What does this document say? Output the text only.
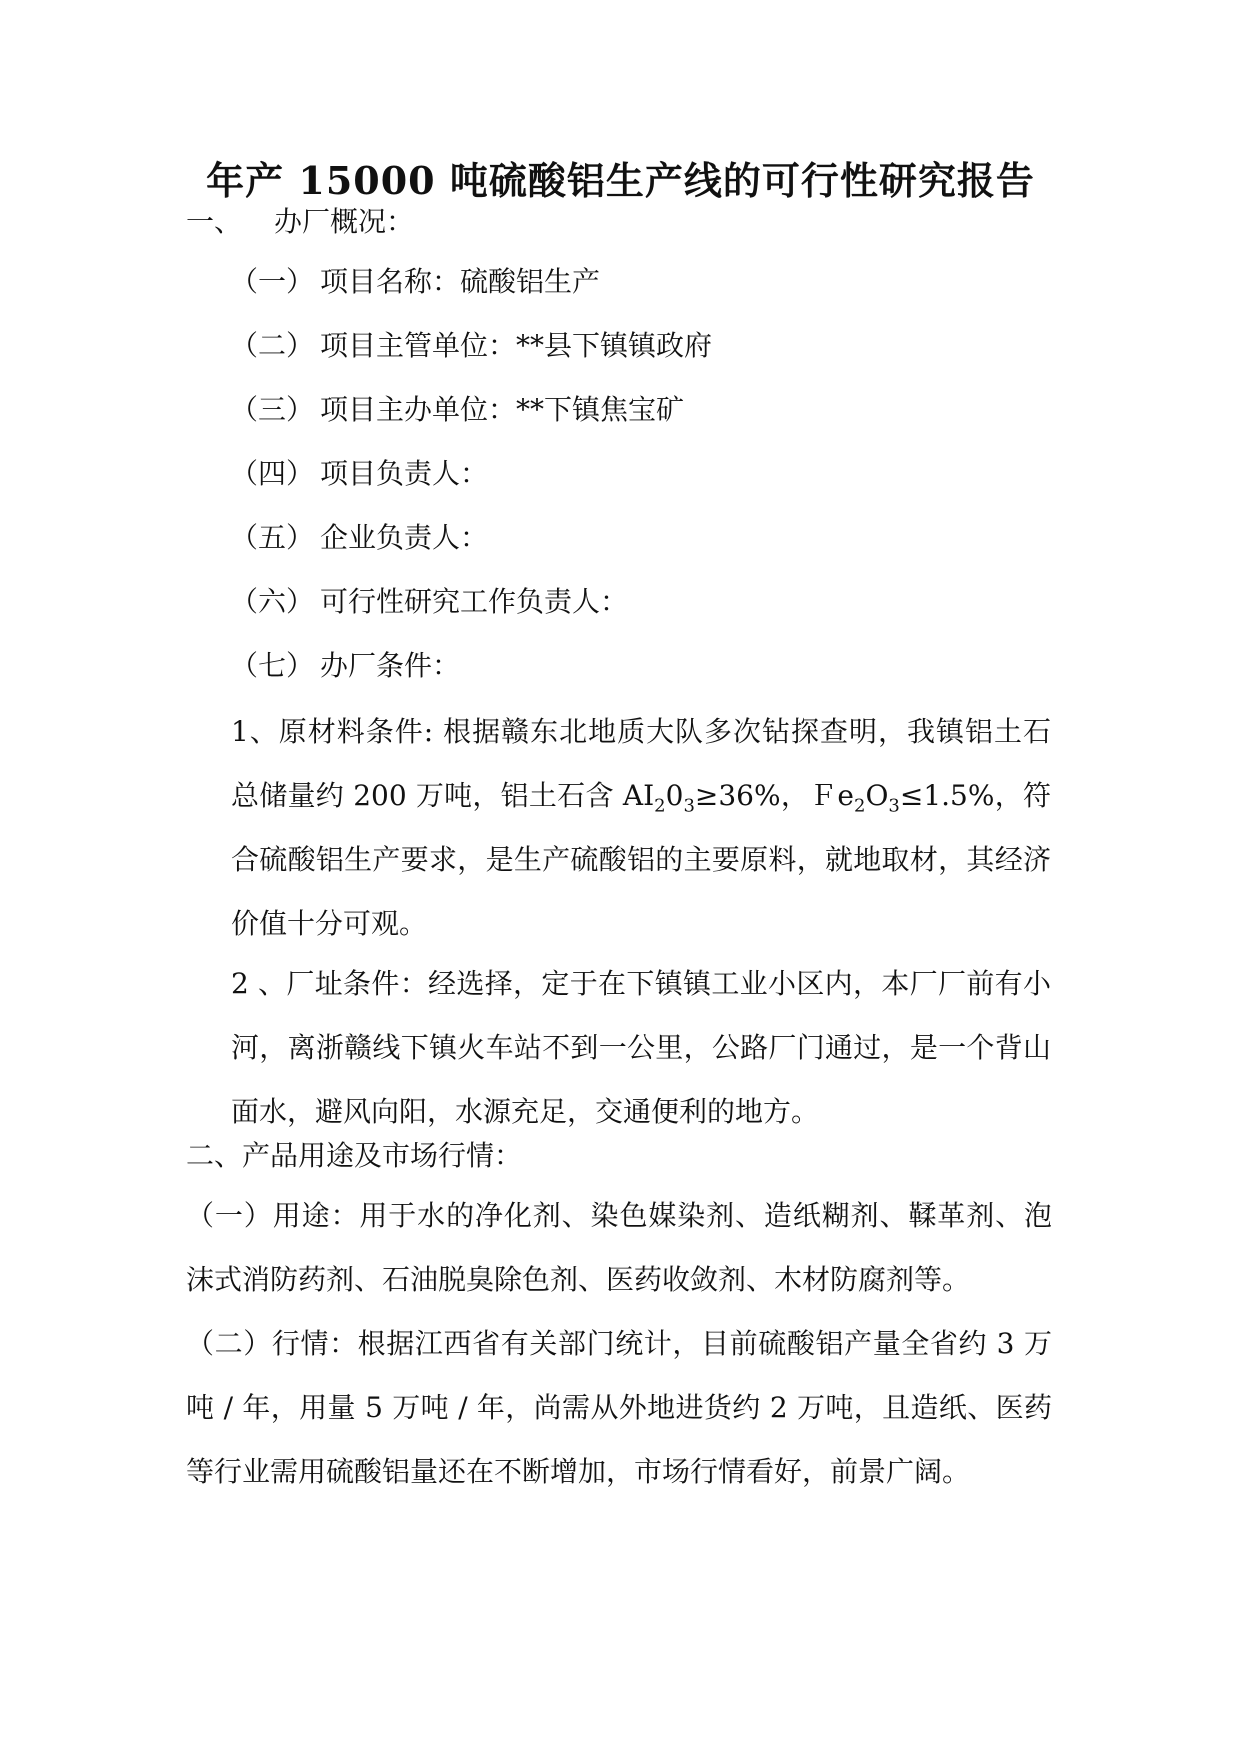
年产 15000 吨硫酸铝生产线的可行性研究报告
一、 办厂概况：
（一） 项目名称：硫酸铝生产
（二） 项目主管单位：**县下镇镇政府
（三） 项目主办单位：**下镇焦宝矿
（四） 项目负责人：
（五） 企业负责人：
（六） 可行性研究工作负责人：
（七） 办厂条件：
1、原材料条件: 根据赣东北地质大队多次钻探查明，我镇铝土石总储量约 200 万吨，铝土石含 $AI_20_3\ge 36\%$，$Fe_2O_3\le 1.5\%$，符合硫酸铝生产要求，是生产硫酸铝的主要原料，就地取材，其经济价值十分可观。
2 、厂址条件：经选择，定于在下镇镇工业小区内，本厂厂前有小河，离浙赣线下镇火车站不到一公里，公路厂门通过，是一个背山面水，避风向阳，水源充足，交通便利的地方。
二、产品用途及市场行情：
（一）用途：用于水的净化剂、染色媒染剂、造纸糊剂、鞣革剂、泡沫式消防药剂、石油脱臭除色剂、医药收敛剂、木材防腐剂等。
（二）行情：根据江西省有关部门统计，目前硫酸铝产量全省约 3 万吨 / 年，用量 5 万吨 / 年，尚需从外地进货约 2 万吨，且造纸、医药等行业需用硫酸铝量还在不断增加，市场行情看好，前景广阔。
